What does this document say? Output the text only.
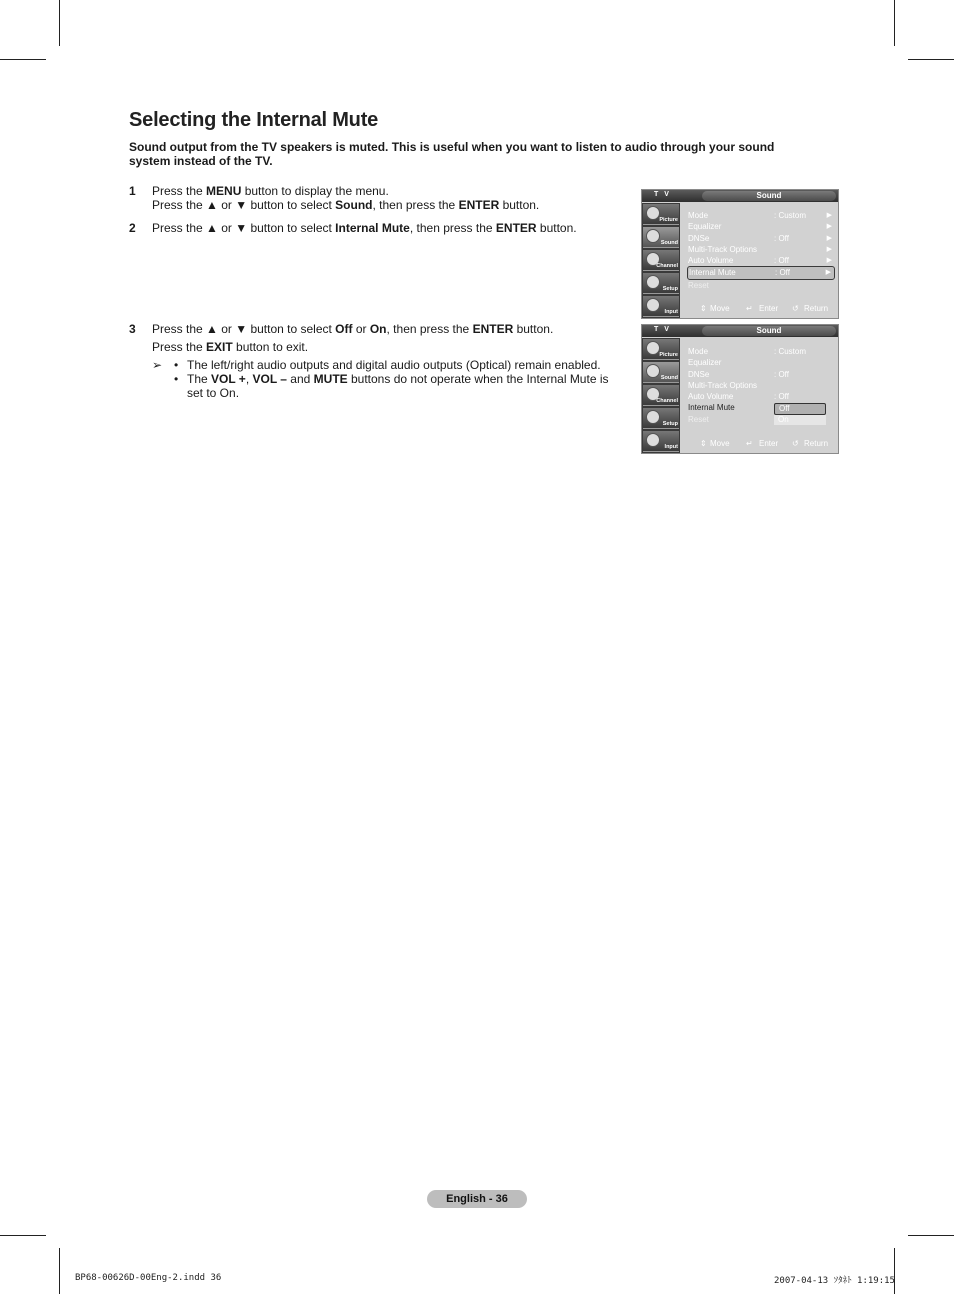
Selecting the Internal Mute

Sound output from the TV speakers is muted. This is useful when you want to listen to audio through your sound system instead of the TV.

1 Press the MENU button to display the menu.

Press the ▲ or ▼ button to select Sound, then press the ENTER button.

2 Press the ▲ or ▼ button to select Internal Mute, then press the ENTER button.

3 Press the ▲ or ▼ button to select Off or On, then press the ENTER button.

Press the EXIT button to exit.

➢ • The left/right audio outputs and digital audio outputs (Optical) remain enabled.
• The VOL +, VOL – and MUTE buttons do not operate when the Internal Mute is set to On.
T V	Sound
Picture
Sound
Channel
Setup
Input
Mode	: Custom	▶
Equalizer	▶
DNSe	: Off	▶
Multi-Track Options	▶
Auto Volume	: Off	▶
Internal Mute	: Off	▶
Reset
⇕ Move ↵ Enter ↺ Return
T V	Sound
Picture
Sound
Channel
Setup
Input
Mode	: Custom
Equalizer
DNSe	: Off
Multi-Track Options
Auto Volume	: Off
Internal Mute
Reset
Off
On
⇕ Move ↵ Enter ↺ Return
English - 36
BP68-00626D-00Eng-2.indd 36	2007-04-13 ｿﾀﾈﾄ 1:19:15
